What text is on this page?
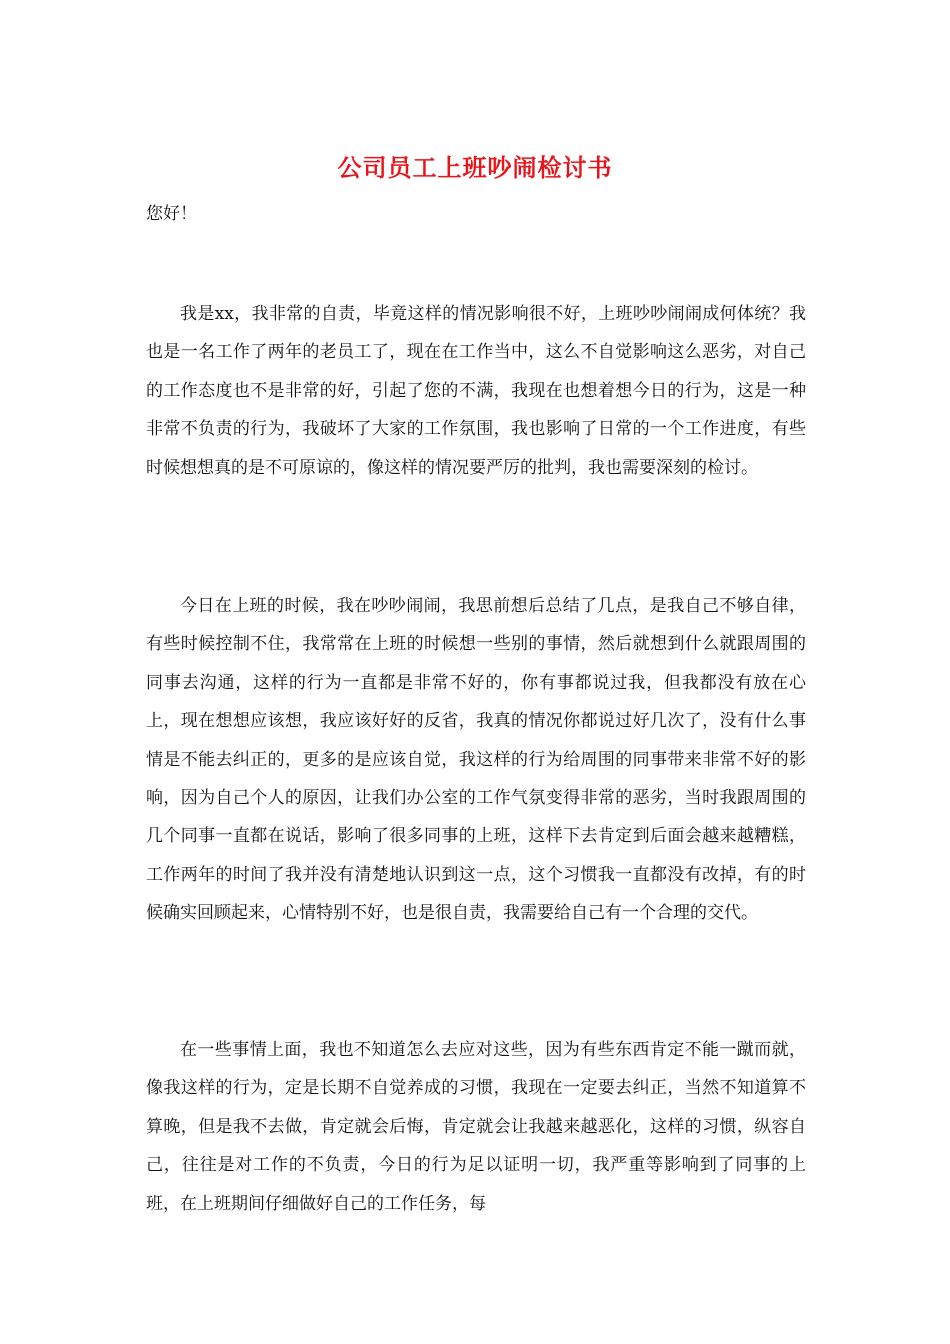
公司员工上班吵闹检讨书
您好！

我是xx，我非常的自责，毕竟这样的情况影响很不好，上班吵吵闹闹成何体统？我也是一名工作了两年的老员工了，现在在工作当中，这么不自觉影响这么恶劣，对自己的工作态度也不是非常的好，引起了您的不满，我现在也想着想今日的行为，这是一种非常不负责的行为，我破坏了大家的工作氛围，我也影响了日常的一个工作进度，有些时候想想真的是不可原谅的，像这样的情况要严厉的批判，我也需要深刻的检讨。

今日在上班的时候，我在吵吵闹闹，我思前想后总结了几点，是我自己不够自律，有些时候控制不住，我常常在上班的时候想一些别的事情，然后就想到什么就跟周围的同事去沟通，这样的行为一直都是非常不好的，你有事都说过我，但我都没有放在心上，现在想想应该想，我应该好好的反省，我真的情况你都说过好几次了，没有什么事情是不能去纠正的，更多的是应该自觉，我这样的行为给周围的同事带来非常不好的影响，因为自己个人的原因，让我们办公室的工作气氛变得非常的恶劣，当时我跟周围的几个同事一直都在说话，影响了很多同事的上班，这样下去肯定到后面会越来越糟糕，工作两年的时间了我并没有清楚地认识到这一点，这个习惯我一直都没有改掉，有的时候确实回顾起来，心情特别不好，也是很自责，我需要给自己有一个合理的交代。

在一些事情上面，我也不知道怎么去应对这些，因为有些东西肯定不能一蹴而就，像我这样的行为，定是长期不自觉养成的习惯，我现在一定要去纠正，当然不知道算不算晚，但是我不去做，肯定就会后悔，肯定就会让我越来越恶化，这样的习惯，纵容自己，往往是对工作的不负责，今日的行为足以证明一切，我严重等影响到了同事的上班，在上班期间仔细做好自己的工作任务，每
